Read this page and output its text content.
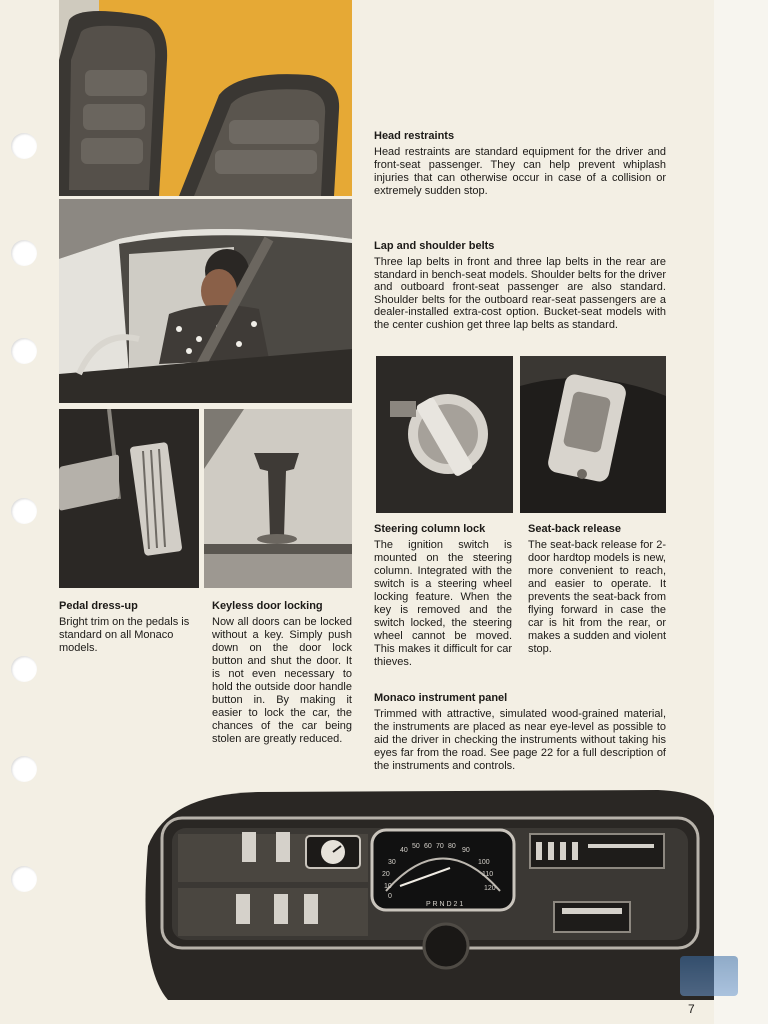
Head restraints

Head restraints are standard equipment for the driver and front-seat passenger. They can help prevent whiplash injuries that can otherwise occur in case of a collision or extremely sudden stop.

Lap and shoulder belts

Three lap belts in front and three lap belts in the rear are standard in bench-seat models. Shoulder belts for the driver and outboard front-seat passenger are also standard. Shoulder belts for the outboard rear-seat passengers are a dealer-installed extra-cost option. Bucket-seat models with the center cushion get three lap belts as standard.

Pedal dress-up

Bright trim on the pedals is standard on all Monaco models.

Keyless door locking

Now all doors can be locked without a key. Simply push down on the door lock button and shut the door. It is not even necessary to hold the outside door handle button in. By making it easier to lock the car, the chances of the car being stolen are greatly reduced.

Steering column lock

The ignition switch is mounted on the steering column. Integrated with the switch is a steering wheel locking feature. When the key is removed and the switch locked, the steering wheel cannot be moved. This makes it difficult for car thieves.

Seat-back release

The seat-back release for 2-door hardtop models is new, more convenient to reach, and easier to operate. It prevents the seat-back from flying forward in case the car is hit from the rear, or makes a sudden and violent stop.

Monaco instrument panel

Trimmed with attractive, simulated wood-grained material, the instruments are placed as near eye-level as possible to aid the driver in checking the instruments without taking his eyes far from the road. See page 22 for a full description of the instruments and controls.

30
40
50 60 70 80
90
20
100
10
110
0
120
P R N D 2 1

7
